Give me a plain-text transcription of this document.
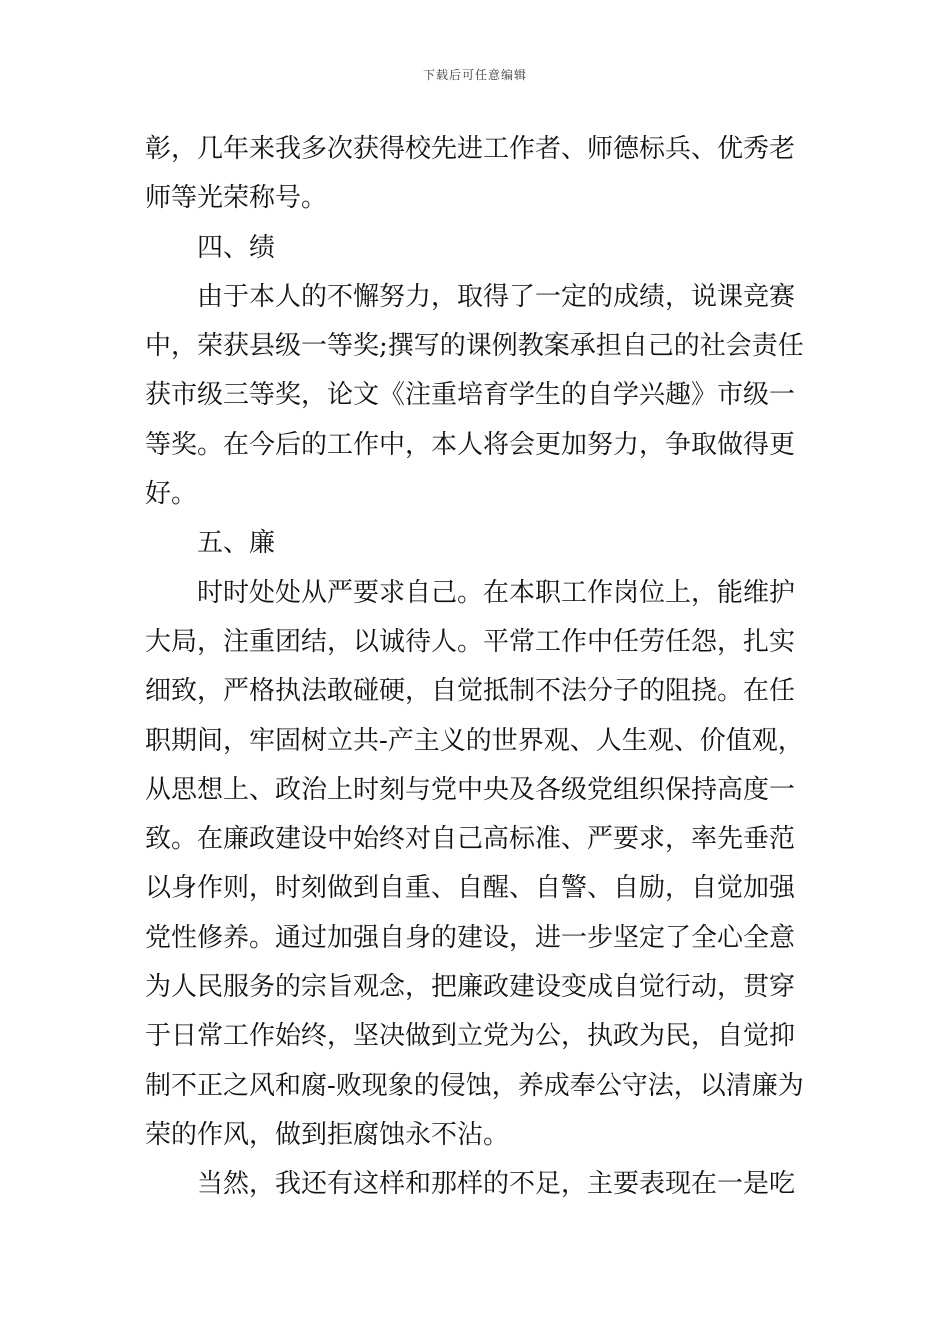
下载后可任意编辑
彰，几年来我多次获得校先进工作者、师德标兵、优秀老
师等光荣称号。
四、绩
由于本人的不懈努力，取得了一定的成绩，说课竞赛
中，荣获县级一等奖;撰写的课例教案承担自己的社会责任
获市级三等奖，论文《注重培育学生的自学兴趣》市级一
等奖。在今后的工作中，本人将会更加努力，争取做得更
好。
五、廉
时时处处从严要求自己。在本职工作岗位上，能维护
大局，注重团结，以诚待人。平常工作中任劳任怨，扎实
细致，严格执法敢碰硬，自觉抵制不法分子的阻挠。在任
职期间，牢固树立共-产主义的世界观、人生观、价值观，
从思想上、政治上时刻与党中央及各级党组织保持高度一
致。在廉政建设中始终对自己高标准、严要求，率先垂范
以身作则，时刻做到自重、自醒、自警、自励，自觉加强
党性修养。通过加强自身的建设，进一步坚定了全心全意
为人民服务的宗旨观念，把廉政建设变成自觉行动，贯穿
于日常工作始终，坚决做到立党为公，执政为民，自觉抑
制不正之风和腐-败现象的侵蚀，养成奉公守法，以清廉为
荣的作风，做到拒腐蚀永不沾。
当然，我还有这样和那样的不足，主要表现在一是吃
